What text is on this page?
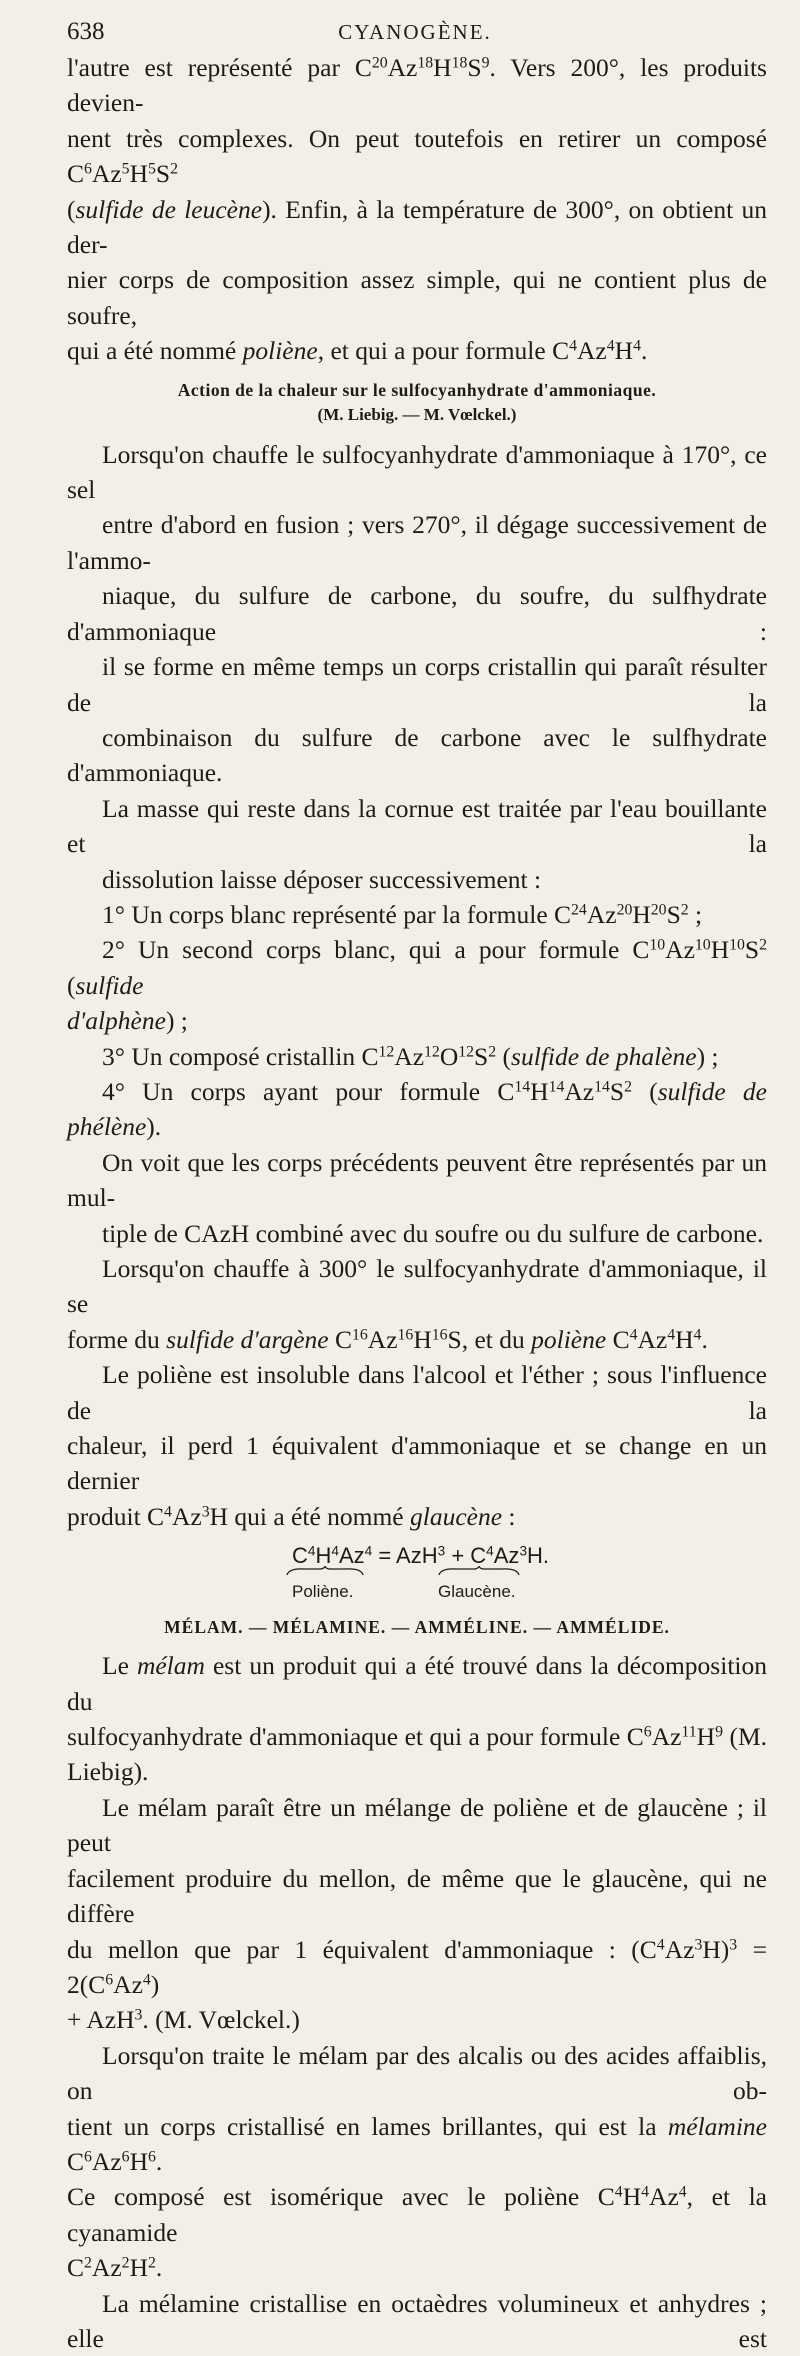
638	CYANOGÈNE.
l'autre est représenté par $C^{20}Az^{18}H^{18}S^9$. Vers 200°, les produits devien-
nent très complexes. On peut toutefois en retirer un composé $C^6Az^5H^5S^2$
(sulfide de leucène). Enfin, à la température de 300°, on obtient un der-
nier corps de composition assez simple, qui ne contient plus de soufre,
qui a été nommé poliène, et qui a pour formule $C^4Az^4H^4$.
Action de la chaleur sur le sulfocyanhydrate d'ammoniaque.
(M. Liebig. — M. Vœlckel.)
Lorsqu'on chauffe le sulfocyanhydrate d'ammoniaque à 170°, ce sel
entre d'abord en fusion ; vers 270°, il dégage successivement de l'ammo-
niaque, du sulfure de carbone, du soufre, du sulfhydrate d'ammoniaque :
il se forme en même temps un corps cristallin qui paraît résulter de la
combinaison du sulfure de carbone avec le sulfhydrate d'ammoniaque.
La masse qui reste dans la cornue est traitée par l'eau bouillante et la
dissolution laisse déposer successivement :
1° Un corps blanc représenté par la formule $C^{24}Az^{20}H^{20}S^2$ ;
2° Un second corps blanc, qui a pour formule $C^{10}Az^{10}H^{10}S^2$ (sulfide
d'alphène) ;
3° Un composé cristallin $C^{12}Az^{12}O^{12}S^2$ (sulfide de phalène) ;
4° Un corps ayant pour formule $C^{14}H^{14}Az^{14}S^2$ (sulfide de phélène).
On voit que les corps précédents peuvent être représentés par un mul-
tiple de CAzH combiné avec du soufre ou du sulfure de carbone.
Lorsqu'on chauffe à 300° le sulfocyanhydrate d'ammoniaque, il se
forme du sulfide d'argène $C^{16}Az^{16}H^{16}S$, et du poliène $C^4Az^4H^4$.
Le poliène est insoluble dans l'alcool et l'éther ; sous l'influence de la
chaleur, il perd 1 équivalent d'ammoniaque et se change en un dernier
produit $C^4Az^3H$ qui a été nommé glaucène :
$C^4H^4Az^4 = AzH^3 + C^4Az^3H$.
Poliène.	Glaucène.
MÉLAM. — MÉLAMINE. — AMMÉLINE. — AMMÉLIDE.
Le mélam est un produit qui a été trouvé dans la décomposition du
sulfocyanhydrate d'ammoniaque et qui a pour formule $C^6Az^{11}H^9$ (M. Liebig).
Le mélam paraît être un mélange de poliène et de glaucène ; il peut
facilement produire du mellon, de même que le glaucène, qui ne diffère
du mellon que par 1 équivalent d'ammoniaque : $(C^4Az^3H)^3 = 2(C^6Az^4)$
+ AzH$^3$. (M. Vœlckel.)
Lorsqu'on traite le mélam par des alcalis ou des acides affaiblis, on ob-
tient un corps cristallisé en lames brillantes, qui est la mélamine $C^6Az^6H^6$.
Ce composé est isomérique avec le poliène $C^4H^4Az^4$, et la cyanamide
$C^2Az^2H^2$.
La mélamine cristallise en octaèdres volumineux et anhydres ; elle est
